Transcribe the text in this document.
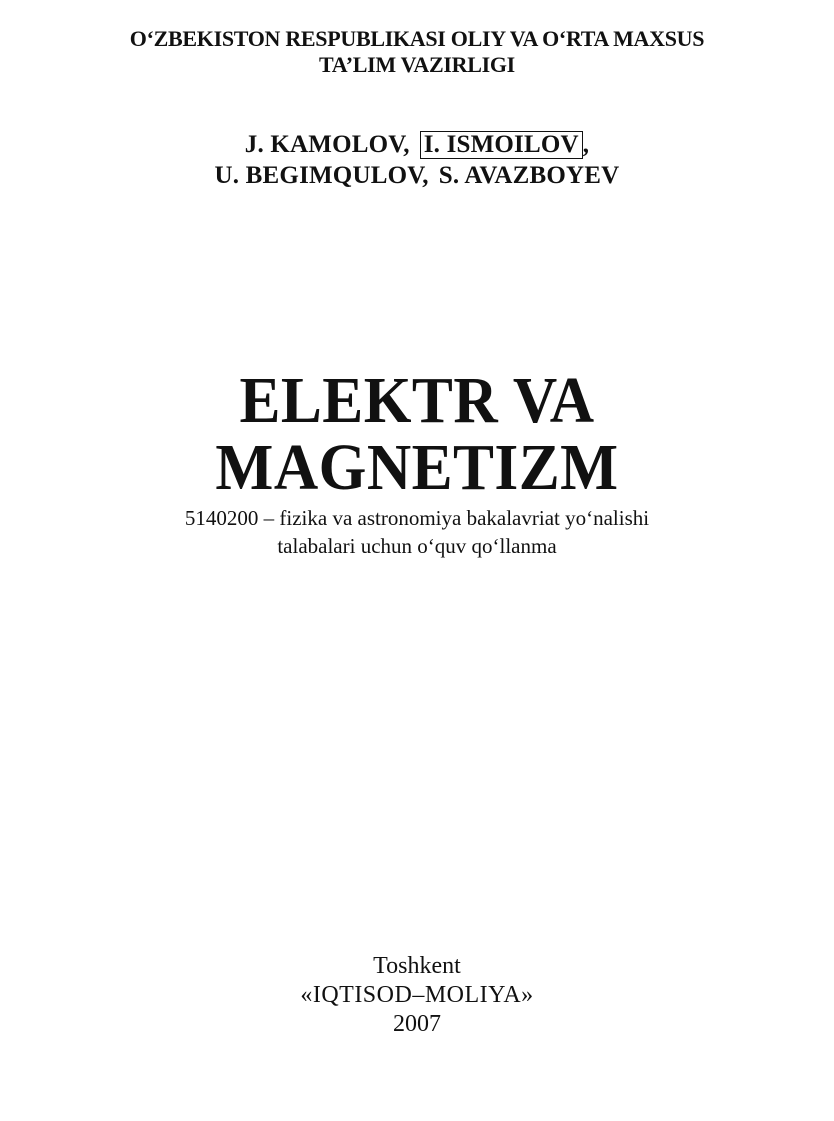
O‘ZBEKISTON RESPUBLIKASI OLIY VA O‘RTA MAXSUS
TA’LIM VAZIRLIGI
J. KAMOLOV, I. ISMOILOV ,
U. BEGIMQULOV, S. AVAZBOYEV
ELEKTR VA
MAGNETIZM
5140200 – fizika va astronomiya bakalavriat yo‘nalishi
talabalari uchun o‘quv qo‘llanma
Toshkent
«IQTISOD–MOLIYA»
2007
